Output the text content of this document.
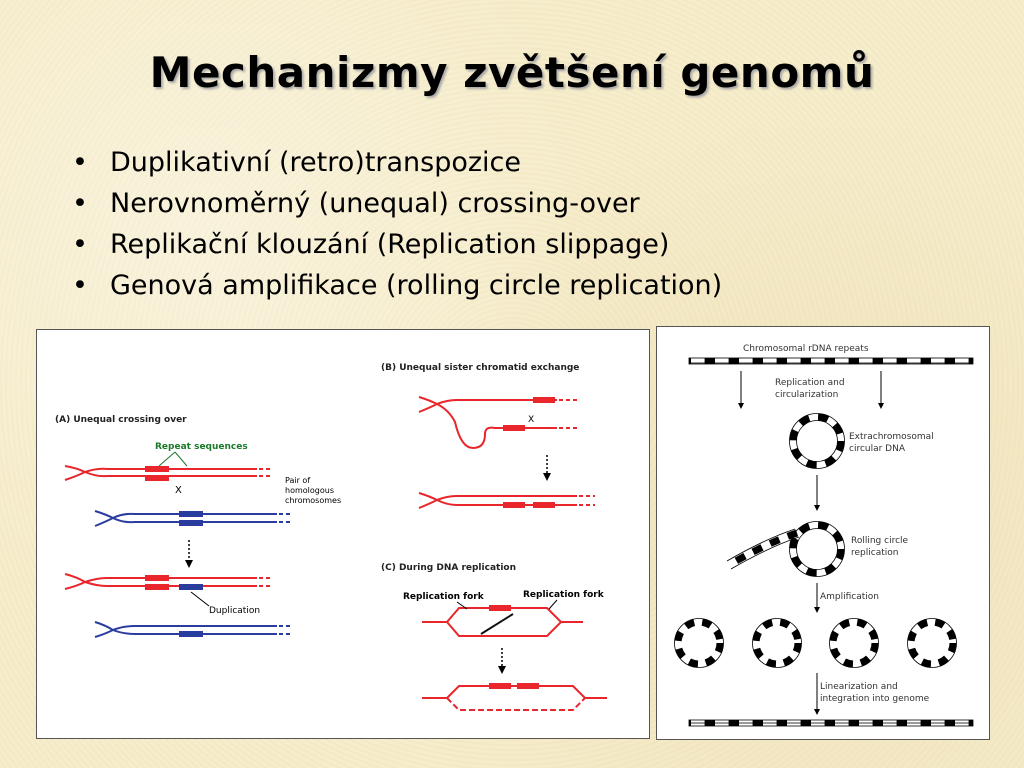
Mechanizmy zvětšení genomů
• Duplikativní (retro)transpozice
• Nerovnoměrný (unequal) crossing-over
• Replikační klouzání (Replication slippage)
• Genová amplifikace (rolling circle replication)
(A) Unequal crossing over
Repeat sequences
X
Pair of
homologous
chromosomes
Duplication
(B) Unequal sister chromatid exchange
X
(C) During DNA replication
Replication fork	Replication fork
Chromosomal rDNA repeats
Replication and
circularization
Extrachromosomal
circular DNA
Rolling circle
replication
Amplification
Linearization and
integration into genome
